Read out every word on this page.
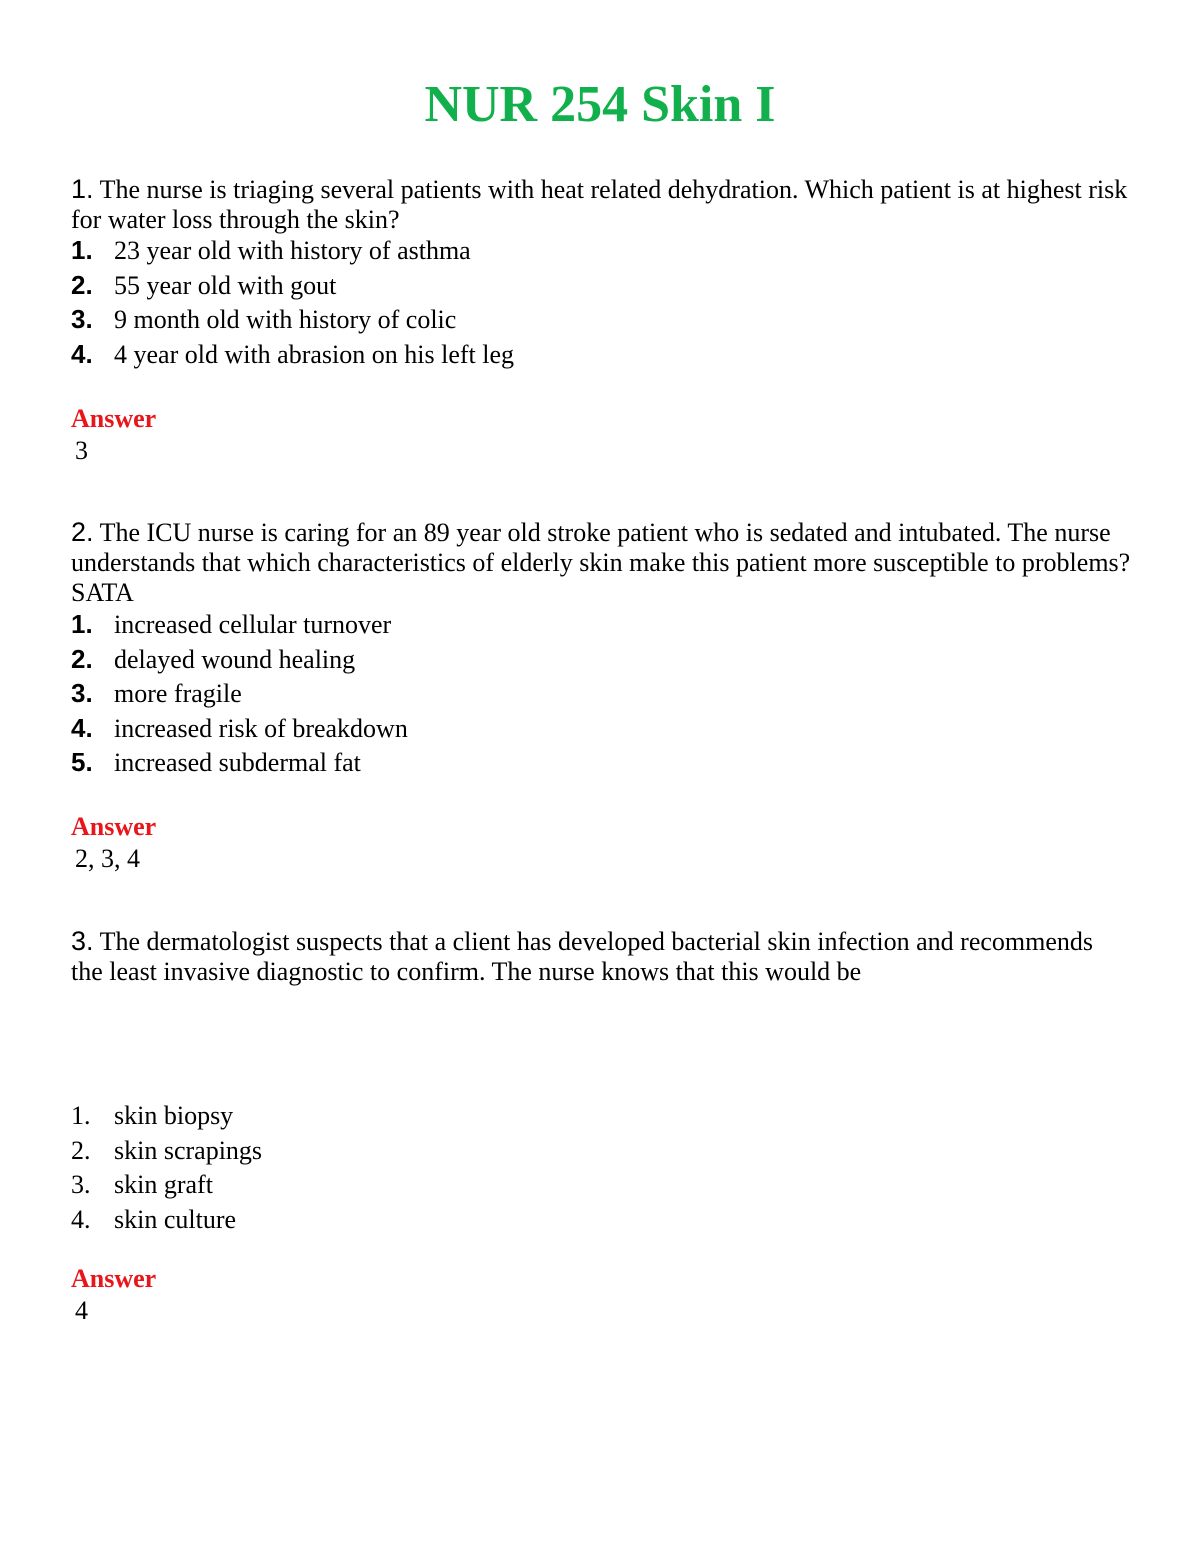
NUR 254 Skin I

1. The nurse is triaging several patients with heat related dehydration. Which patient is at highest risk for water loss through the skin?

1. 23 year old with history of asthma
2. 55 year old with gout
3. 9 month old with history of colic
4. 4 year old with abrasion on his left leg

Answer

3

2. The ICU nurse is caring for an 89 year old stroke patient who is sedated and intubated. The nurse understands that which characteristics of elderly skin make this patient more susceptible to problems? SATA

1. increased cellular turnover
2. delayed wound healing
3. more fragile
4. increased risk of breakdown
5. increased subdermal fat

Answer

2, 3, 4

3. The dermatologist suspects that a client has developed bacterial skin infection and recommends the least invasive diagnostic to confirm. The nurse knows that this would be

1. skin biopsy
2. skin scrapings
3. skin graft
4. skin culture

Answer

4
